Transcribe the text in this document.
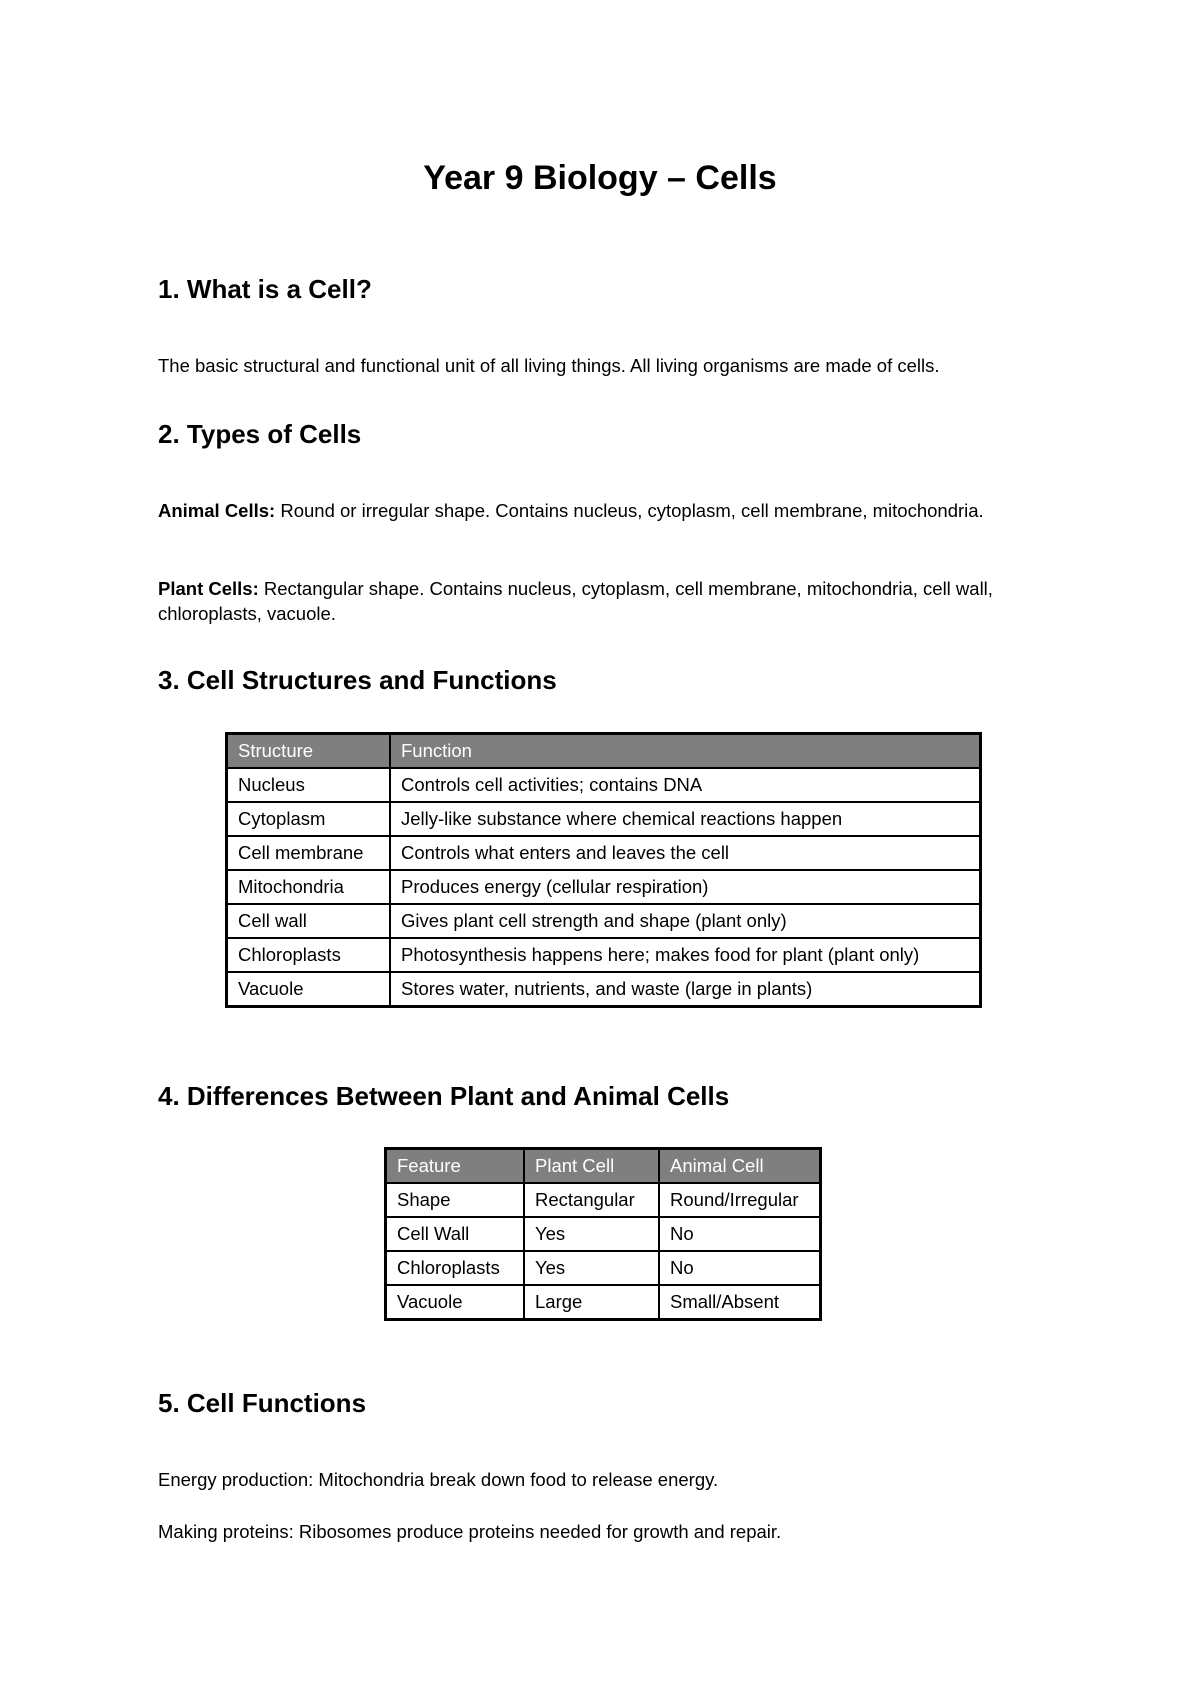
Year 9 Biology – Cells
1. What is a Cell?

The basic structural and functional unit of all living things. All living organisms are made of cells.

2. Types of Cells

Animal Cells: Round or irregular shape. Contains nucleus, cytoplasm, cell membrane, mitochondria.

Plant Cells: Rectangular shape. Contains nucleus, cytoplasm, cell membrane, mitochondria, cell wall, chloroplasts, vacuole.

3. Cell Structures and Functions
Structure	Function
Nucleus	Controls cell activities; contains DNA
Cytoplasm	Jelly-like substance where chemical reactions happen
Cell membrane	Controls what enters and leaves the cell
Mitochondria	Produces energy (cellular respiration)
Cell wall	Gives plant cell strength and shape (plant only)
Chloroplasts	Photosynthesis happens here; makes food for plant (plant only)
Vacuole	Stores water, nutrients, and waste (large in plants)
4. Differences Between Plant and Animal Cells
Feature	Plant Cell	Animal Cell
Shape	Rectangular	Round/Irregular
Cell Wall	Yes	No
Chloroplasts	Yes	No
Vacuole	Large	Small/Absent
5. Cell Functions

Energy production: Mitochondria break down food to release energy.

Making proteins: Ribosomes produce proteins needed for growth and repair.
